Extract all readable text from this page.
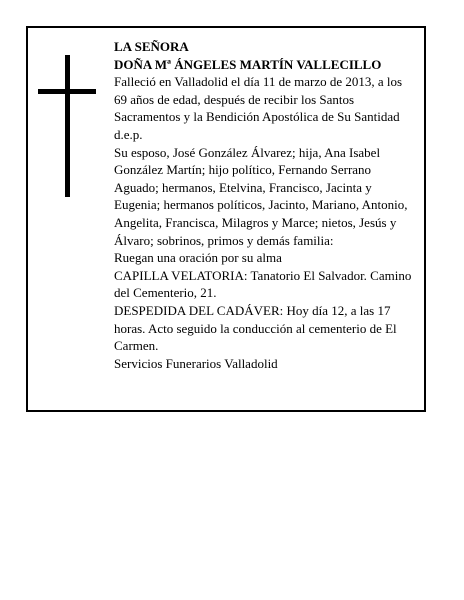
LA SEÑORA

DOÑA Mª ÁNGELES MARTÍN VALLECILLO

Falleció en Valladolid el día 11 de marzo de 2013, a los 69 años de edad, después de recibir los Santos Sacramentos y la Bendición Apostólica de Su Santidad d.e.p.

Su esposo, José González Álvarez; hija, Ana Isabel González Martín; hijo político, Fernando Serrano Aguado; hermanos, Etelvina, Francisco, Jacinta y Eugenia; hermanos políticos, Jacinto, Mariano, Antonio, Angelita, Francisca, Milagros y Marce; nietos, Jesús y Álvaro; sobrinos, primos y demás familia:

Ruegan una oración por su alma

CAPILLA VELATORIA: Tanatorio El Salvador. Camino del Cementerio, 21.

DESPEDIDA DEL CADÁVER: Hoy día 12, a las 17 horas. Acto seguido la conducción al cementerio de El Carmen.

Servicios Funerarios Valladolid
